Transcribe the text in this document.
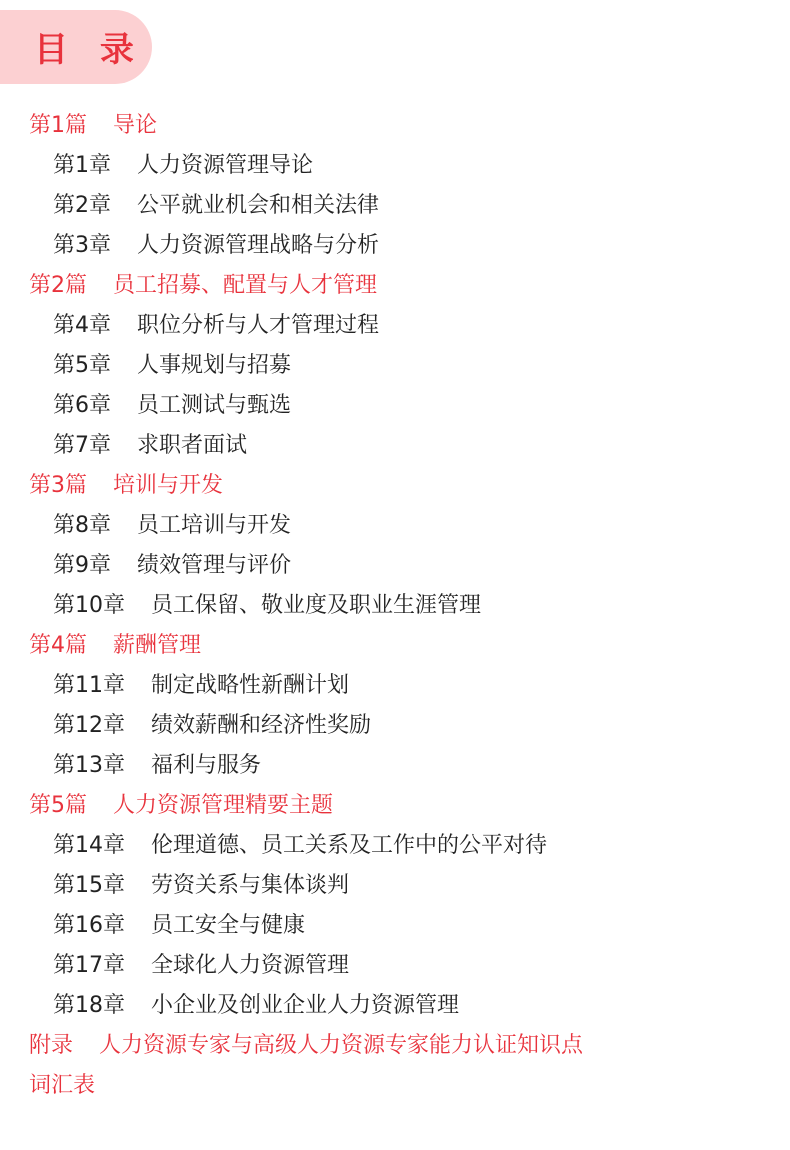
目 录
第1篇 导论
第1章 人力资源管理导论
第2章 公平就业机会和相关法律
第3章 人力资源管理战略与分析
第2篇 员工招募、配置与人才管理
第4章 职位分析与人才管理过程
第5章 人事规划与招募
第6章 员工测试与甄选
第7章 求职者面试
第3篇 培训与开发
第8章 员工培训与开发
第9章 绩效管理与评价
第10章 员工保留、敬业度及职业生涯管理
第4篇 薪酬管理
第11章 制定战略性新酬计划
第12章 绩效薪酬和经济性奖励
第13章 福利与服务
第5篇 人力资源管理精要主题
第14章 伦理道德、员工关系及工作中的公平对待
第15章 劳资关系与集体谈判
第16章 员工安全与健康
第17章 全球化人力资源管理
第18章 小企业及创业企业人力资源管理
附录 人力资源专家与高级人力资源专家能力认证知识点
词汇表
